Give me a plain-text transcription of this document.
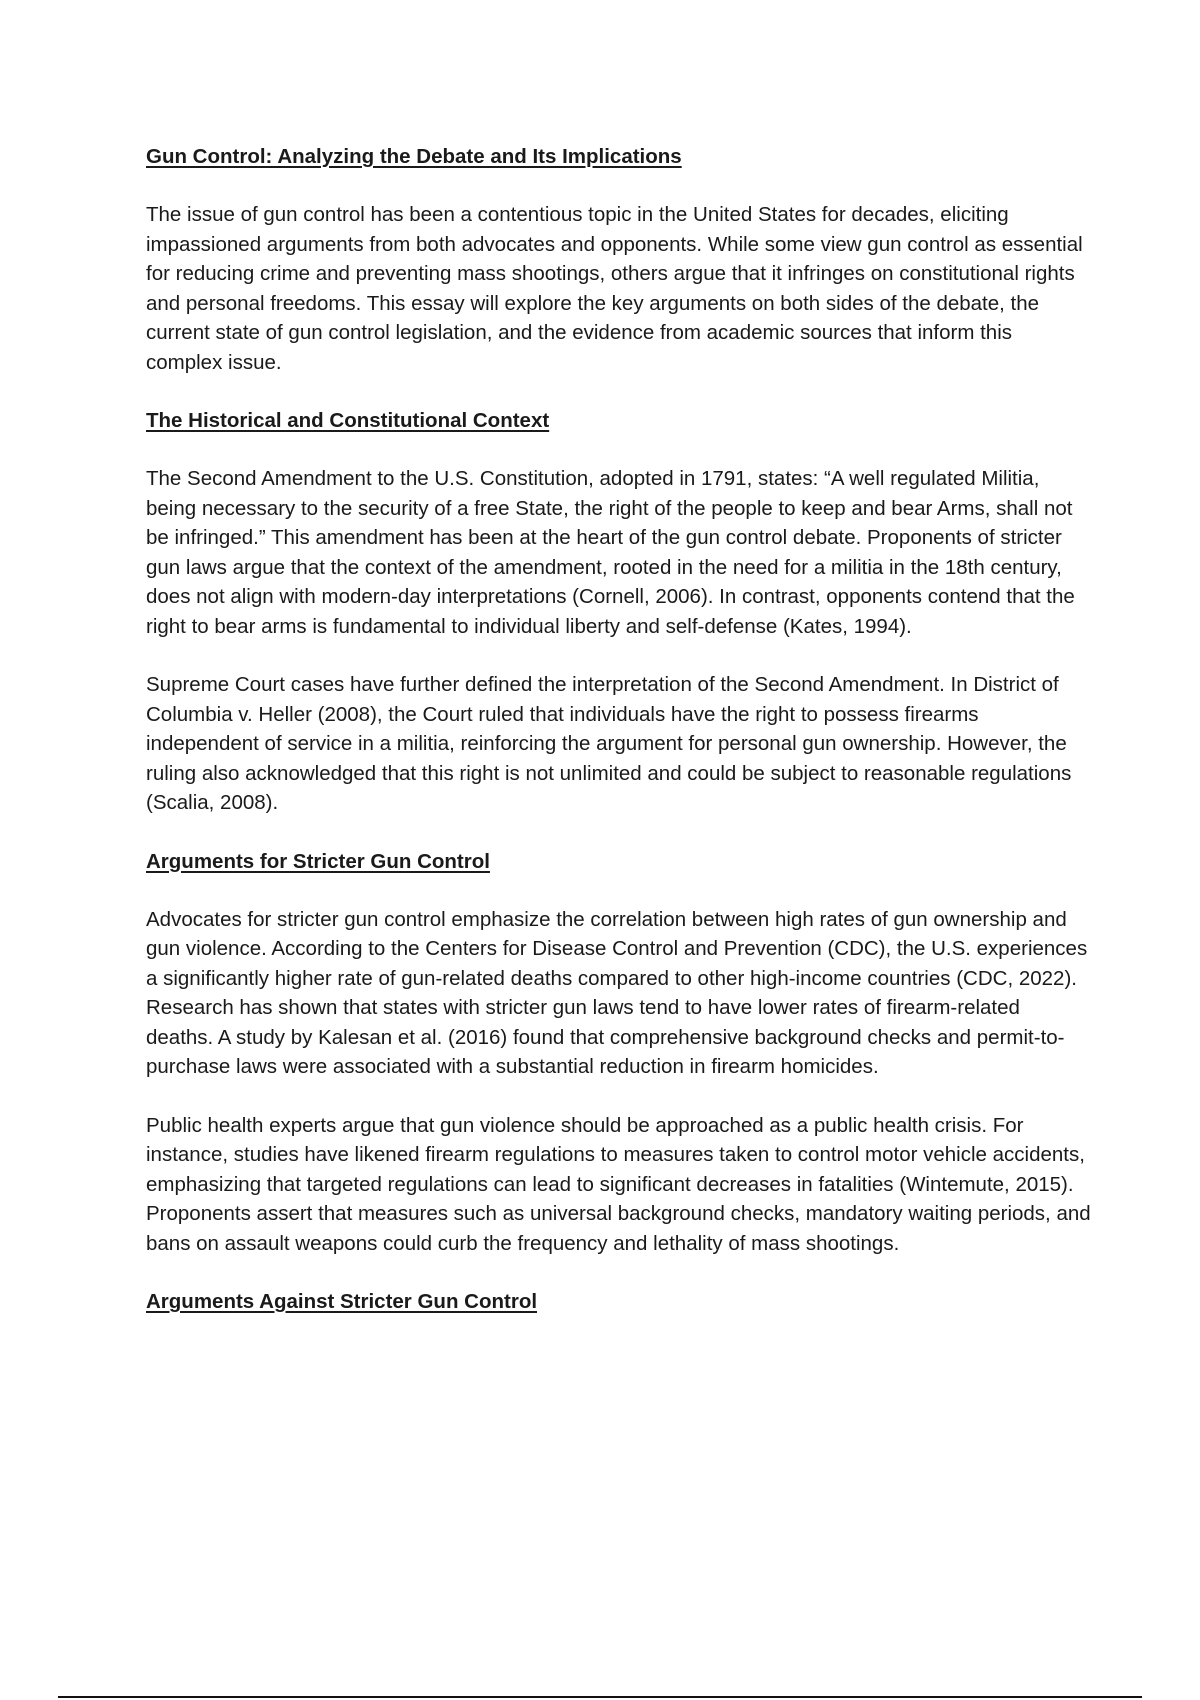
Gun Control: Analyzing the Debate and Its Implications

The issue of gun control has been a contentious topic in the United States for decades, eliciting impassioned arguments from both advocates and opponents. While some view gun control as essential for reducing crime and preventing mass shootings, others argue that it infringes on constitutional rights and personal freedoms. This essay will explore the key arguments on both sides of the debate, the current state of gun control legislation, and the evidence from academic sources that inform this complex issue.

The Historical and Constitutional Context

The Second Amendment to the U.S. Constitution, adopted in 1791, states: “A well regulated Militia, being necessary to the security of a free State, the right of the people to keep and bear Arms, shall not be infringed.” This amendment has been at the heart of the gun control debate. Proponents of stricter gun laws argue that the context of the amendment, rooted in the need for a militia in the 18th century, does not align with modern-day interpretations (Cornell, 2006). In contrast, opponents contend that the right to bear arms is fundamental to individual liberty and self-defense (Kates, 1994).

Supreme Court cases have further defined the interpretation of the Second Amendment. In District of Columbia v. Heller (2008), the Court ruled that individuals have the right to possess firearms independent of service in a militia, reinforcing the argument for personal gun ownership. However, the ruling also acknowledged that this right is not unlimited and could be subject to reasonable regulations (Scalia, 2008).

Arguments for Stricter Gun Control

Advocates for stricter gun control emphasize the correlation between high rates of gun ownership and gun violence. According to the Centers for Disease Control and Prevention (CDC), the U.S. experiences a significantly higher rate of gun-related deaths compared to other high-income countries (CDC, 2022). Research has shown that states with stricter gun laws tend to have lower rates of firearm-related deaths. A study by Kalesan et al. (2016) found that comprehensive background checks and permit-to-purchase laws were associated with a substantial reduction in firearm homicides.

Public health experts argue that gun violence should be approached as a public health crisis. For instance, studies have likened firearm regulations to measures taken to control motor vehicle accidents, emphasizing that targeted regulations can lead to significant decreases in fatalities (Wintemute, 2015). Proponents assert that measures such as universal background checks, mandatory waiting periods, and bans on assault weapons could curb the frequency and lethality of mass shootings.

Arguments Against Stricter Gun Control
